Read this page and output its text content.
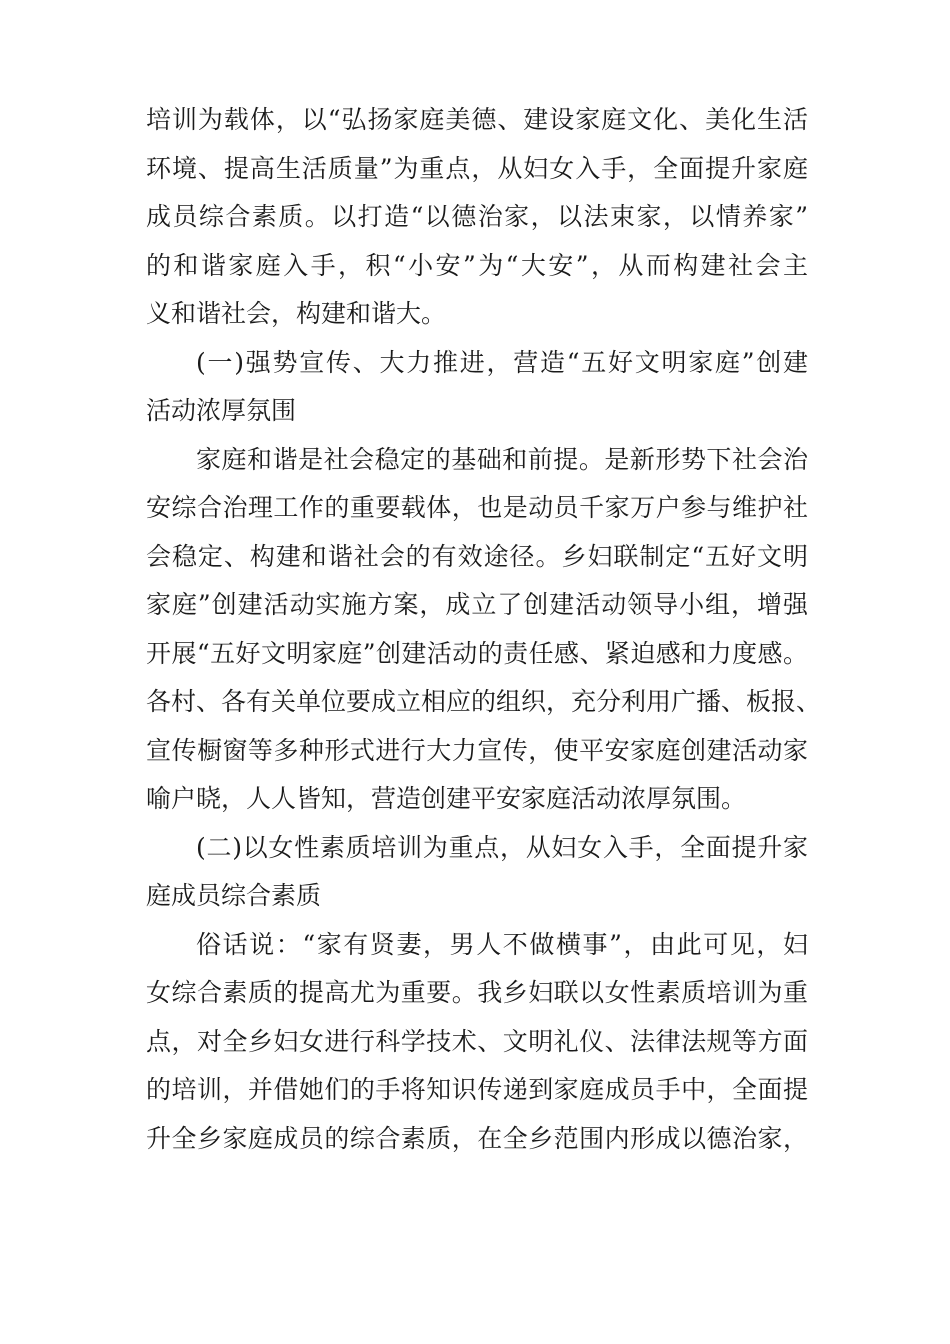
培训为载体，以“弘扬家庭美德、建设家庭文化、美化生活
环境、提高生活质量”为重点，从妇女入手，全面提升家庭
成员综合素质。以打造“以德治家，以法束家，以情养家”
的和谐家庭入手，积“小安”为“大安”，从而构建社会主
义和谐社会，构建和谐大。
(一)强势宣传、大力推进，营造“五好文明家庭”创建
活动浓厚氛围
家庭和谐是社会稳定的基础和前提。是新形势下社会治
安综合治理工作的重要载体，也是动员千家万户参与维护社
会稳定、构建和谐社会的有效途径。乡妇联制定“五好文明
家庭”创建活动实施方案，成立了创建活动领导小组，增强
开展“五好文明家庭”创建活动的责任感、紧迫感和力度感。
各村、各有关单位要成立相应的组织，充分利用广播、板报、
宣传橱窗等多种形式进行大力宣传，使平安家庭创建活动家
喻户晓，人人皆知，营造创建平安家庭活动浓厚氛围。
(二)以女性素质培训为重点，从妇女入手，全面提升家
庭成员综合素质
俗话说：“家有贤妻，男人不做横事”，由此可见，妇
女综合素质的提高尤为重要。我乡妇联以女性素质培训为重
点，对全乡妇女进行科学技术、文明礼仪、法律法规等方面
的培训，并借她们的手将知识传递到家庭成员手中，全面提
升全乡家庭成员的综合素质，在全乡范围内形成以德治家，
